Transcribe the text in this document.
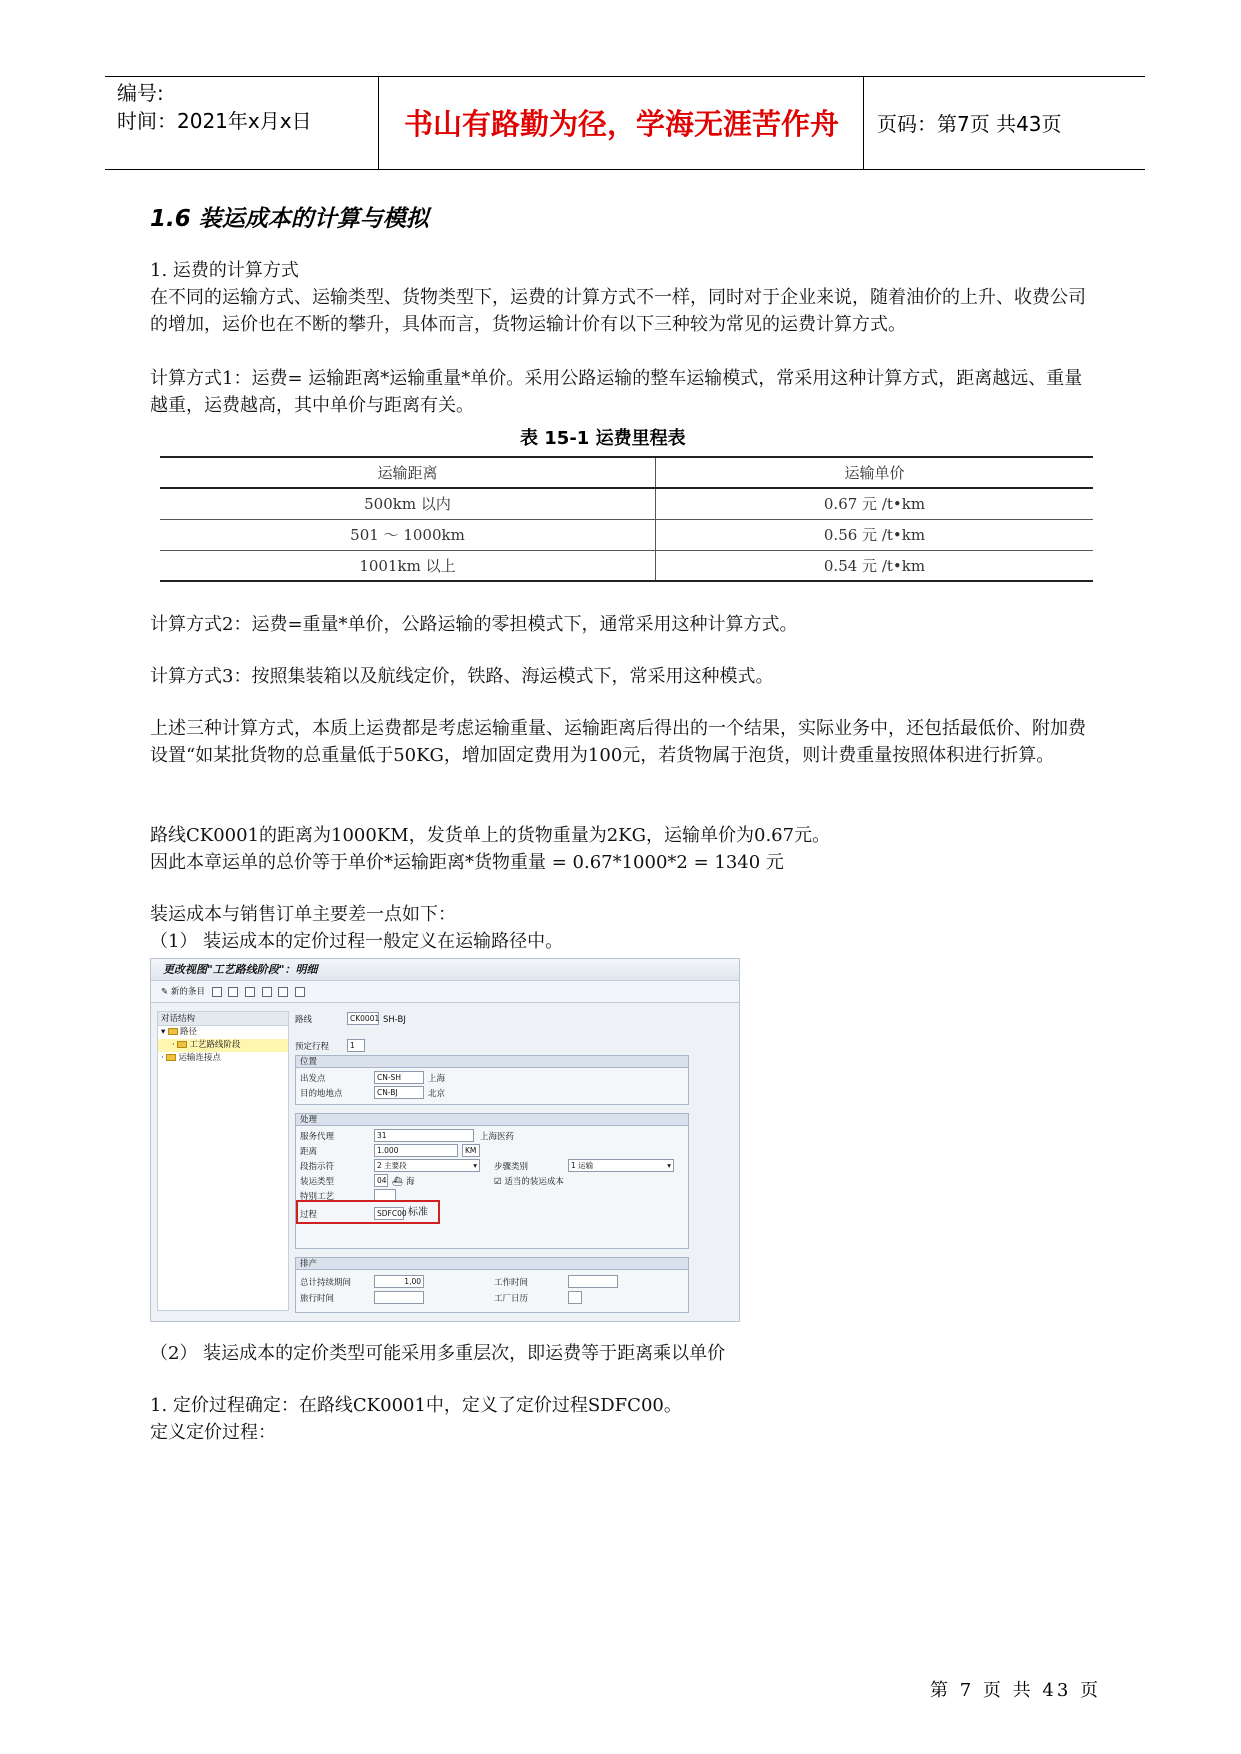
编号:
时间：2021年x月x日	书山有路勤为径，学海无涯苦作舟	页码：第7页 共43页
1.6 装运成本的计算与模拟
1. 运费的计算方式
在不同的运输方式、运输类型、货物类型下，运费的计算方式不一样，同时对于企业来说，随着油价的上升、收费公司的增加，运价也在不断的攀升，具体而言，货物运输计价有以下三种较为常见的运费计算方式。
计算方式1：运费= 运输距离*运输重量*单价。采用公路运输的整车运输模式，常采用这种计算方式，距离越远、重量越重，运费越高，其中单价与距离有关。
表 15-1 运费里程表
运输距离	运输单价
500km 以内	0.67 元 /t•km
501 ～ 1000km	0.56 元 /t•km
1001km 以上	0.54 元 /t•km
计算方式2：运费=重量*单价，公路运输的零担模式下，通常采用这种计算方式。
计算方式3：按照集装箱以及航线定价，铁路、海运模式下，常采用这种模式。
上述三种计算方式，本质上运费都是考虑运输重量、运输距离后得出的一个结果，实际业务中，还包括最低价、附加费设置“如某批货物的总重量低于50KG，增加固定费用为100元，若货物属于泡货，则计费重量按照体积进行折算。
路线CK0001的距离为1000KM，发货单上的货物重量为2KG，运输单价为0.67元。
因此本章运单的总价等于单价*运输距离*货物重量 = 0.67*1000*2 = 1340 元
装运成本与销售订单主要差一点如下：
（1） 装运成本的定价过程一般定义在运输路径中。
更改视图"工艺路线阶段"：明细
✎ 新的条目
对话结构
▾ 路径
· 工艺路线阶段
· 运输连接点
路线	CK0001 SH-BJ
预定行程	1
位置
出发点	CN-SH	上海
目的地地点	CN-BJ	北京
处理
服务代理	31	上海医药
距离	1.000	KM
段指示符	2 主要段	▾ 步骤类别	1 运输	▾
装运类型	04 ⛴ 海	☑ 适当的装运成本
特别工艺
过程	SDFC00 标准
排产
总计持续期间	1,00	工作时间
旅行时间	工厂日历
（2） 装运成本的定价类型可能采用多重层次，即运费等于距离乘以单价
1. 定价过程确定：在路线CK0001中，定义了定价过程SDFC00。
定义定价过程：
第 7 页 共 43 页
